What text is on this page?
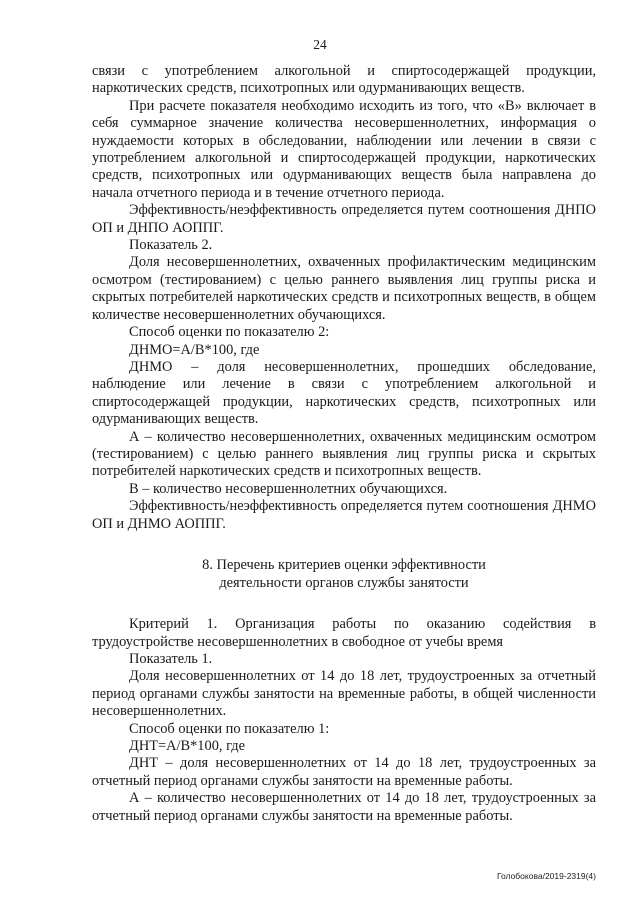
24

связи с употреблением алкогольной и спиртосодержащей продукции, наркотических средств, психотропных или одурманивающих веществ.

При расчете показателя необходимо исходить из того, что «В» включает в себя суммарное значение количества несовершеннолетних, информация о нуждаемости которых в обследовании, наблюдении или лечении в связи с употреблением алкогольной и спиртосодержащей продукции, наркотических средств, психотропных или одурманивающих веществ была направлена до начала отчетного периода и в течение отчетного периода.

Эффективность/неэффективность определяется путем соотношения ДНПО ОП и ДНПО АОППГ.

Показатель 2.

Доля несовершеннолетних, охваченных профилактическим медицинским осмотром (тестированием) с целью раннего выявления лиц группы риска и скрытых потребителей наркотических средств и психотропных веществ, в общем количестве несовершеннолетних обучающихся.

Способ оценки по показателю 2:

ДНМО=А/В*100, где

ДНМО – доля несовершеннолетних, прошедших обследование, наблюдение или лечение в связи с употреблением алкогольной и спиртосодержащей продукции, наркотических средств, психотропных или одурманивающих веществ.

А – количество несовершеннолетних, охваченных медицинским осмотром (тестированием) с целью раннего выявления лиц группы риска и скрытых потребителей наркотических средств и психотропных веществ.

В – количество несовершеннолетних обучающихся.

Эффективность/неэффективность определяется путем соотношения ДНМО ОП и ДНМО АОППГ.

8. Перечень критериев оценки эффективности
деятельности органов службы занятости

Критерий 1. Организация работы по оказанию содействия в трудоустройстве несовершеннолетних в свободное от учебы время

Показатель 1.

Доля несовершеннолетних от 14 до 18 лет, трудоустроенных за отчетный период органами службы занятости на временные работы, в общей численности несовершеннолетних.

Способ оценки по показателю 1:

ДНТ=А/В*100, где

ДНТ – доля несовершеннолетних от 14 до 18 лет, трудоустроенных за отчетный период органами службы занятости на временные работы.

А – количество несовершеннолетних от 14 до 18 лет, трудоустроенных за отчетный период органами службы занятости на временные работы.

Голобокова/2019-2319(4)
